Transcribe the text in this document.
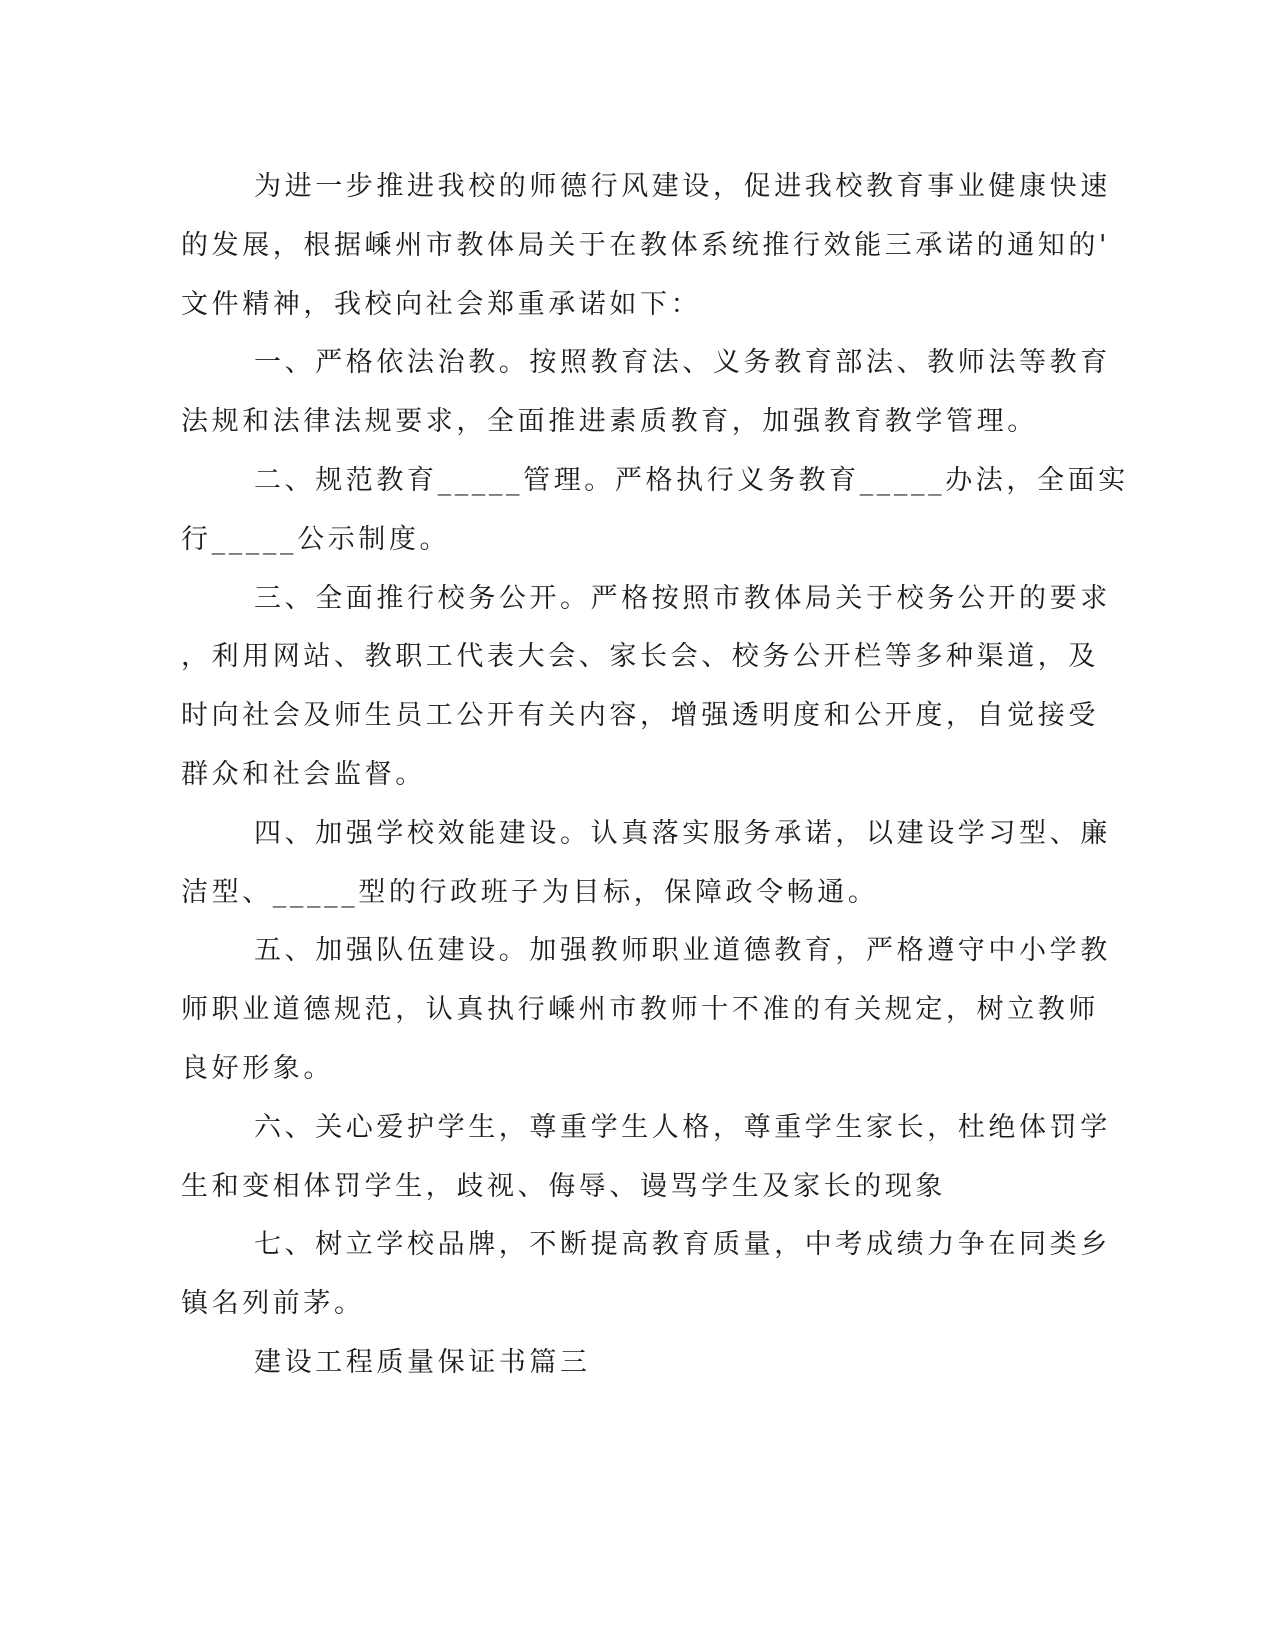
为进一步推进我校的师德行风建设，促进我校教育事业健康快速
的发展，根据嵊州市教体局关于在教体系统推行效能三承诺的通知的'
文件精神，我校向社会郑重承诺如下：
一、严格依法治教。按照教育法、义务教育部法、教师法等教育
法规和法律法规要求，全面推进素质教育，加强教育教学管理。
二、规范教育_____管理。严格执行义务教育_____办法，全面实
行_____公示制度。
三、全面推行校务公开。严格按照市教体局关于校务公开的要求
，利用网站、教职工代表大会、家长会、校务公开栏等多种渠道，及
时向社会及师生员工公开有关内容，增强透明度和公开度，自觉接受
群众和社会监督。
四、加强学校效能建设。认真落实服务承诺，以建设学习型、廉
洁型、_____型的行政班子为目标，保障政令畅通。
五、加强队伍建设。加强教师职业道德教育，严格遵守中小学教
师职业道德规范，认真执行嵊州市教师十不准的有关规定，树立教师
良好形象。
六、关心爱护学生，尊重学生人格，尊重学生家长，杜绝体罚学
生和变相体罚学生，歧视、侮辱、谩骂学生及家长的现象
七、树立学校品牌，不断提高教育质量，中考成绩力争在同类乡
镇名列前茅。
建设工程质量保证书篇三
